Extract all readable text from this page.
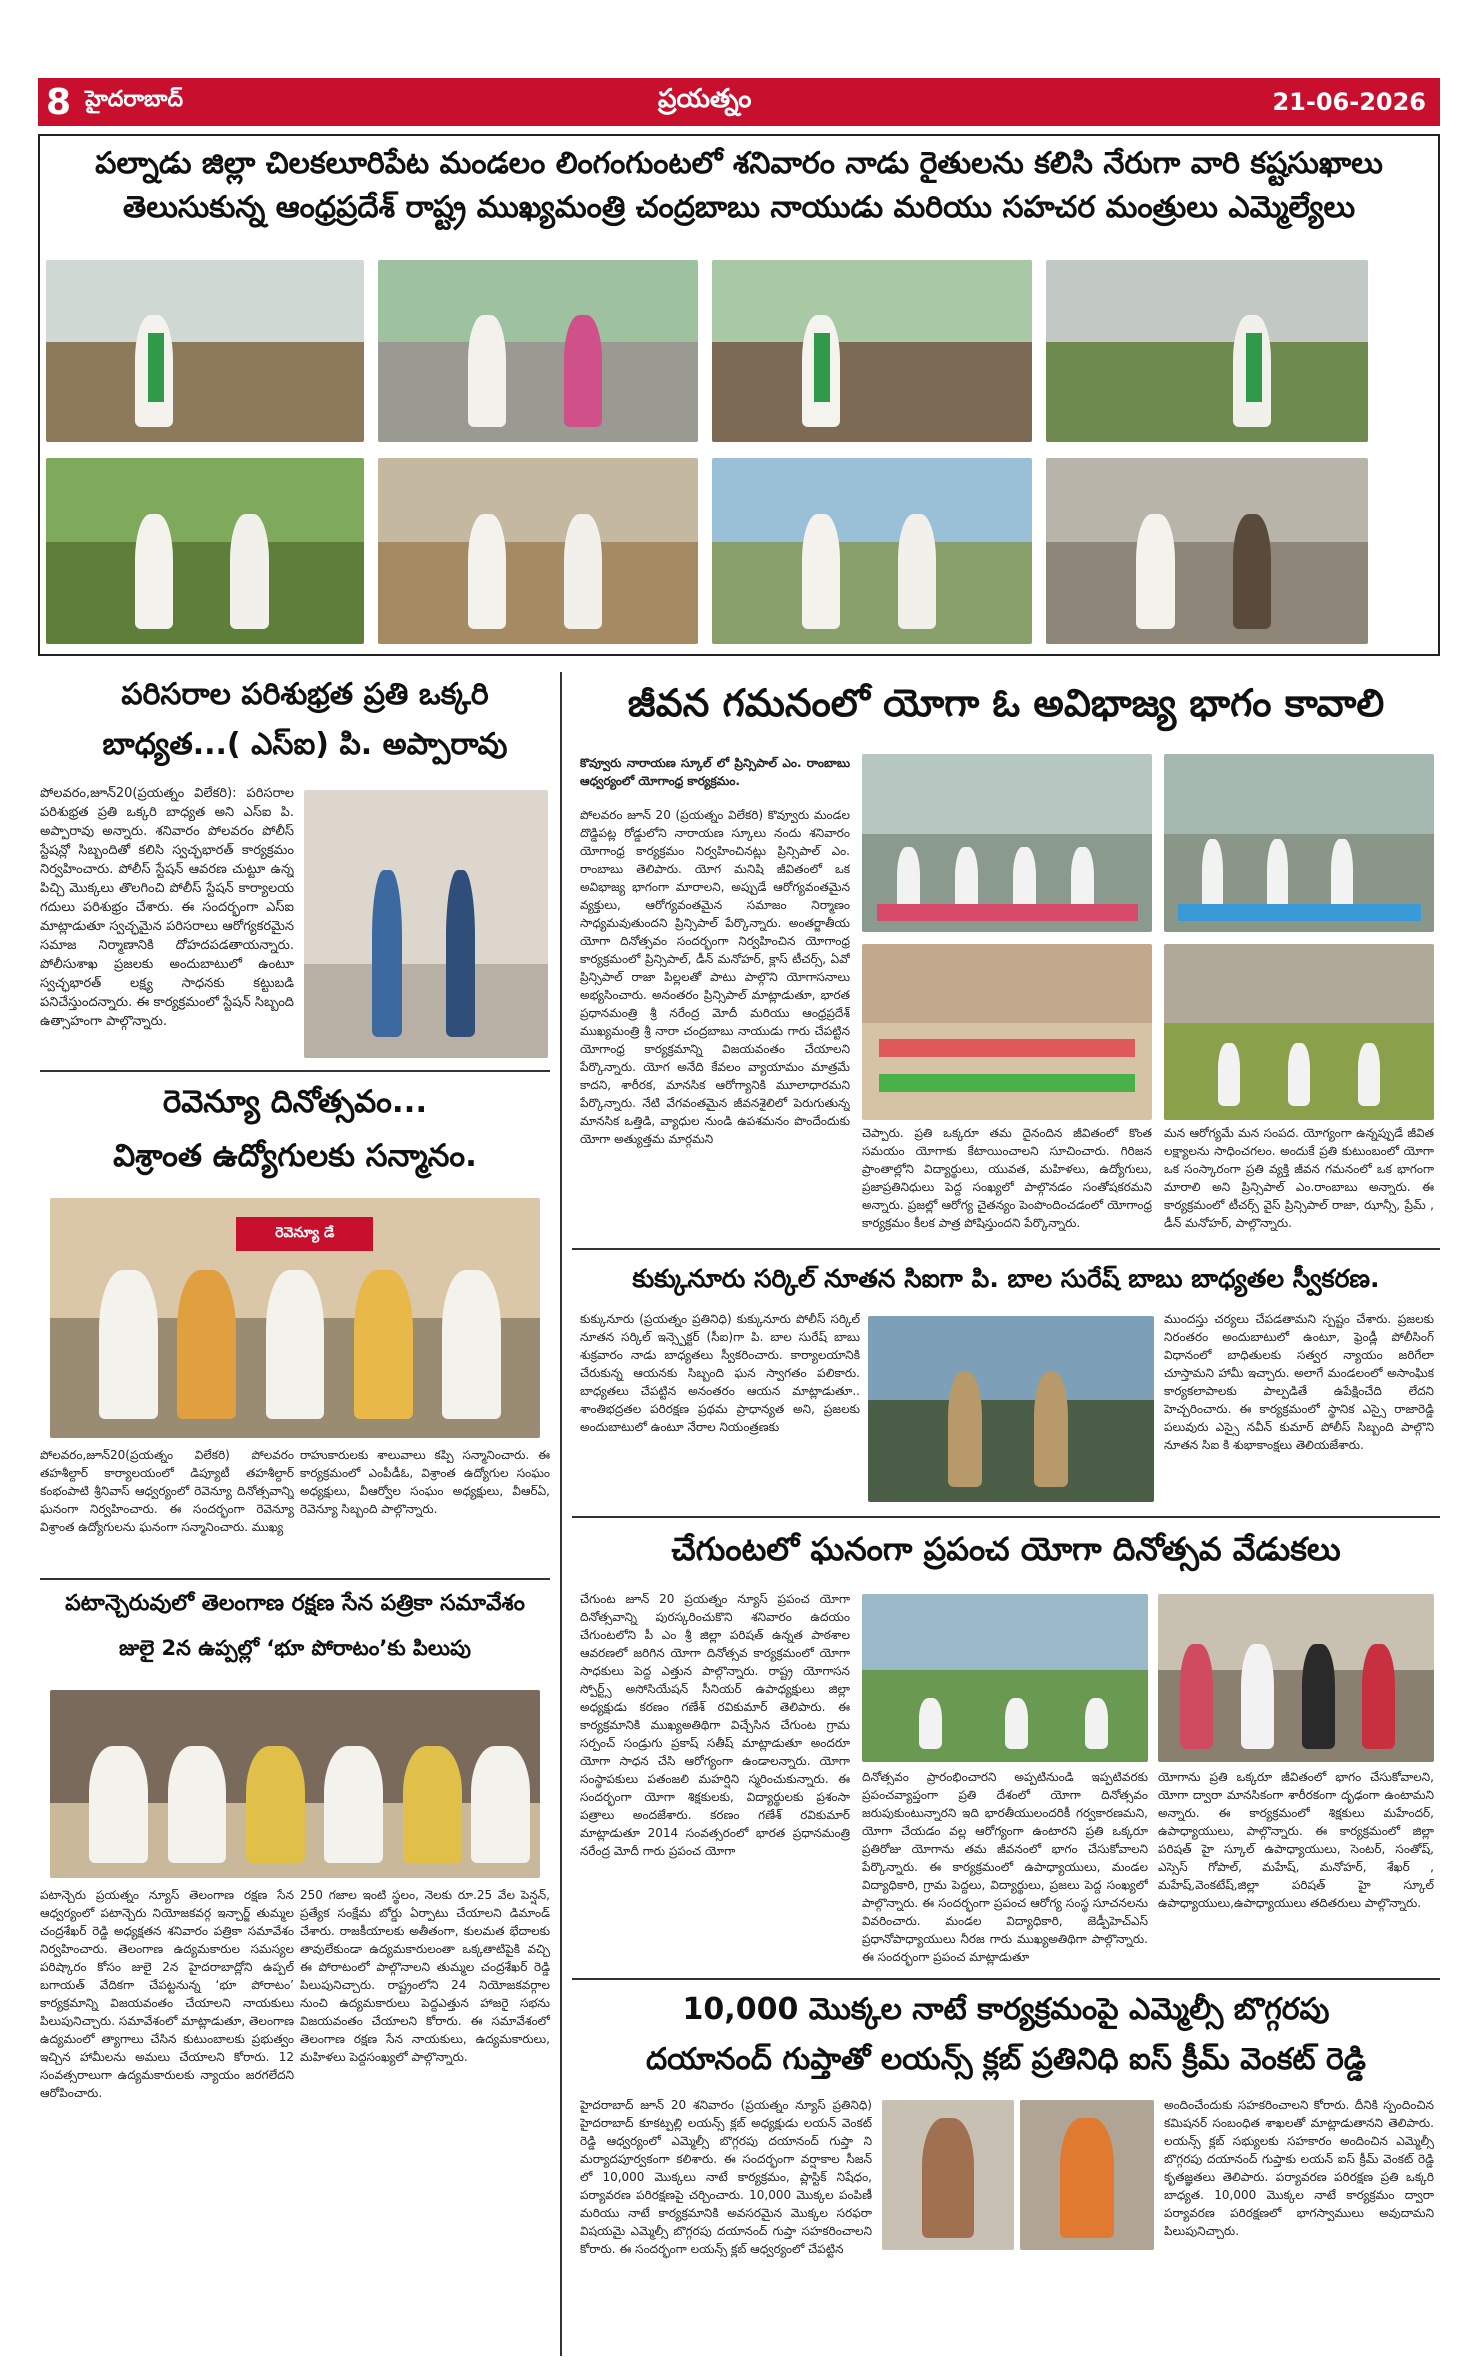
8 హైదరాబాద్	ప్రయత్నం	21-06-2026
పల్నాడు జిల్లా చిలకలూరిపేట మండలం లింగంగుంటలో శనివారం నాడు రైతులను కలిసి నేరుగా వారి కష్టసుఖాలు
తెలుసుకున్న ఆంధ్రప్రదేశ్ రాష్ట్ర ముఖ్యమంత్రి చంద్రబాబు నాయుడు మరియు సహచర మంత్రులు ఎమ్మెల్యేలు
పరిసరాల పరిశుభ్రత ప్రతి ఒక్కరి
బాధ్యత...( ఎస్ఐ) పి. అప్పారావు
పోలవరం,జూన్20(ప్రయత్నం విలేకరి): పరిసరాల పరిశుభ్రత ప్రతి ఒక్కరి బాధ్యత అని ఎస్ఐ పి. అప్పారావు అన్నారు. శనివారం పోలవరం పోలీస్ స్టేషన్లో సిబ్బందితో కలిసి స్వచ్ఛభారత్ కార్యక్రమం నిర్వహించారు. పోలీస్ స్టేషన్ ఆవరణ చుట్టూ ఉన్న పిచ్చి మొక్కలు తొలగించి పోలీస్ స్టేషన్ కార్యాలయ గదులు పరిశుభ్రం చేశారు. ఈ సందర్భంగా ఎస్ఐ మాట్లాడుతూ స్వచ్ఛమైన పరిసరాలు ఆరోగ్యకరమైన సమాజ నిర్మాణానికి దోహదపడతాయన్నారు. పోలీసుశాఖ ప్రజలకు అందుబాటులో ఉంటూ స్వచ్ఛభారత్ లక్ష్య సాధనకు కట్టుబడి పనిచేస్తుందన్నారు. ఈ కార్యక్రమంలో స్టేషన్ సిబ్బంది ఉత్సాహంగా పాల్గొన్నారు.
రెవెన్యూ దినోత్సవం...
విశ్రాంత ఉద్యోగులకు సన్మానం.
రెవెన్యూ డే
పోలవరం,జూన్20(ప్రయత్నం విలేకరి) పోలవరం తహశీల్దార్ కార్యాలయంలో డిప్యూటీ తహశీల్దార్ కంభంపాటి శ్రీనివాస్ ఆధ్వర్యంలో రెవెన్యూ దినోత్సవాన్ని ఘనంగా నిర్వహించారు. ఈ సందర్భంగా రెవెన్యూ విశ్రాంత ఉద్యోగులను ఘనంగా సన్మానించారు. ముఖ్య
రాహుకారులకు శాలువాలు కప్పి సన్మానించారు. ఈ కార్యక్రమంలో ఎంపీడీఓ, విశ్రాంత ఉద్యోగుల సంఘం అధ్యక్షులు, వీఆర్వోల సంఘం అధ్యక్షులు, వీఆర్ఏ, రెవెన్యూ సిబ్బంది పాల్గొన్నారు.
పటాన్చెరువులో తెలంగాణ రక్షణ సేన పత్రికా సమావేశం
జులై 2న ఉప్పల్లో ‘భూ పోరాటం’కు పిలుపు
పటాన్చెరు ప్రయత్నం న్యూస్ తెలంగాణ రక్షణ సేన ఆధ్వర్యంలో పటాన్చెరు నియోజకవర్గ ఇన్చార్జ్ తుమ్మల చంద్రశేఖర్ రెడ్డి అధ్యక్షతన శనివారం పత్రికా సమావేశం నిర్వహించారు. తెలంగాణ ఉద్యమకారుల సమస్యల పరిష్కారం కోసం జులై 2న హైదరాబాద్లోని ఉప్పల్ బగాయత్ వేదికగా చేపట్టనున్న ‘భూ పోరాటం’ కార్యక్రమాన్ని విజయవంతం చేయాలని నాయకులు పిలుపునిచ్చారు. సమావేశంలో మాట్లాడుతూ, తెలంగాణ ఉద్యమంలో త్యాగాలు చేసిన కుటుంబాలకు ప్రభుత్వం ఇచ్చిన హామీలను అమలు చేయాలని కోరారు. 12 సంవత్సరాలుగా ఉద్యమకారులకు న్యాయం జరగలేదని ఆరోపించారు.
250 గజాల ఇంటి స్థలం, నెలకు రూ.25 వేల పెన్షన్, ప్రత్యేక సంక్షేమ బోర్డు ఏర్పాటు చేయాలని డిమాండ్ చేశారు. రాజకీయాలకు అతీతంగా, కులమత భేదాలకు తావులేకుండా ఉద్యమకారులంతా ఒక్కతాటిపైకి వచ్చి ఈ పోరాటంలో పాల్గొనాలని తుమ్మల చంద్రశేఖర్ రెడ్డి పిలుపునిచ్చారు. రాష్ట్రంలోని 24 నియోజకవర్గాల నుంచి ఉద్యమకారులు పెద్దఎత్తున హాజరై సభను విజయవంతం చేయాలని కోరారు. ఈ సమావేశంలో తెలంగాణ రక్షణ సేన నాయకులు, ఉద్యమకారులు, మహిళలు పెద్దసంఖ్యలో పాల్గొన్నారు.
జీవన గమనంలో యోగా ఓ అవిభాజ్య భాగం కావాలి
కొవ్వూరు నారాయణ స్కూల్ లో ప్రిన్సిపాల్ ఎం. రాంబాబు ఆధ్వర్యంలో యోగాంధ్ర కార్యక్రమం.
పోలవరం జూన్ 20 (ప్రయత్నం విలేకరి) కొవ్వూరు మండల దొడ్డిపట్ల రోడ్డులోని నారాయణ స్కూలు నందు శనివారం యోగాంధ్ర కార్యక్రమం నిర్వహించినట్లు ప్రిన్సిపాల్ ఎం. రాంబాబు తెలిపారు. యోగ మనిషి జీవితంలో ఒక అవిభాజ్య భాగంగా మారాలని, అప్పుడే ఆరోగ్యవంతమైన వ్యక్తులు, ఆరోగ్యవంతమైన సమాజం నిర్మాణం సాధ్యమవుతుందని ప్రిన్సిపాల్ పేర్కొన్నారు. అంతర్జాతీయ యోగా దినోత్సవం సందర్భంగా నిర్వహించిన యోగాంధ్ర కార్యక్రమంలో ప్రిన్సిపాల్, డీన్ మనోహర్, క్లాస్ టీచర్స్, ఏవో ప్రిన్సిపాల్ రాజా పిల్లలతో పాటు పాల్గొని యోగాసనాలు అభ్యసించారు. అనంతరం ప్రిన్సిపాల్ మాట్లాడుతూ, భారత ప్రధానమంత్రి శ్రీ నరేంద్ర మోదీ మరియు ఆంధ్రప్రదేశ్ ముఖ్యమంత్రి శ్రీ నారా చంద్రబాబు నాయుడు గారు చేపట్టిన యోగాంధ్ర కార్యక్రమాన్ని విజయవంతం చేయాలని పేర్కొన్నారు. యోగ అనేది కేవలం వ్యాయామం మాత్రమే కాదని, శారీరక, మానసిక ఆరోగ్యానికి మూలాధారమని పేర్కొన్నారు. నేటి వేగవంతమైన జీవనశైలిలో పెరుగుతున్న మానసిక ఒత్తిడి, వ్యాధుల నుండి ఉపశమనం పొందేందుకు యోగా అత్యుత్తమ మార్గమని	చెప్పారు. ప్రతి ఒక్కరూ తమ దైనందిన జీవితంలో కొంత సమయం యోగాకు కేటాయించాలని సూచించారు. గిరిజన ప్రాంతాల్లోని విద్యార్థులు, యువత, మహిళలు, ఉద్యోగులు, ప్రజాప్రతినిధులు పెద్ద సంఖ్యలో పాల్గొనడం సంతోషకరమని అన్నారు. ప్రజల్లో ఆరోగ్య చైతన్యం పెంపొందించడంలో యోగాంధ్ర కార్యక్రమం కీలక పాత్ర పోషిస్తుందని పేర్కొన్నారు.
మన ఆరోగ్యమే మన సంపద. యోగ్యంగా ఉన్నప్పుడే జీవిత లక్ష్యాలను సాధించగలం. అందుకే ప్రతి కుటుంబంలో యోగా ఒక సంస్కారంగా ప్రతి వ్యక్తి జీవన గమనంలో ఒక భాగంగా మారాలి అని ప్రిన్సిపాల్ ఎం.రాంబాబు అన్నారు. ఈ కార్యక్రమంలో టీచర్స్ వైస్ ప్రిన్సిపాల్ రాజా, ఝాన్సీ, ప్రేమ్ , డీన్ మనోహర్, పాల్గొన్నారు.
కుక్కునూరు సర్కిల్ నూతన సిఐగా పి. బాల సురేష్ బాబు బాధ్యతల స్వీకరణ.
కుక్కునూరు (ప్రయత్నం ప్రతినిధి) కుక్కునూరు పోలీస్ సర్కిల్ నూతన సర్కిల్ ఇన్స్పెక్టర్ (సీఐ)గా పి. బాల సురేష్ బాబు శుక్రవారం నాడు బాధ్యతలు స్వీకరించారు. కార్యాలయానికి చేరుకున్న ఆయనకు సిబ్బంది ఘన స్వాగతం పలికారు. బాధ్యతలు చేపట్టిన అనంతరం ఆయన మాట్లాడుతూ.. శాంతిభద్రతల పరిరక్షణ ప్రథమ ప్రాధాన్యత అని, ప్రజలకు అందుబాటులో ఉంటూ నేరాల నియంత్రణకు
ముందస్తు చర్యలు చేపడతామని స్పష్టం చేశారు. ప్రజలకు నిరంతరం అందుబాటులో ఉంటూ, ఫ్రెండ్లీ పోలీసింగ్ విధానంలో బాధితులకు సత్వర న్యాయం జరిగేలా చూస్తామని హామీ ఇచ్చారు. అలాగే మండలంలో అసాంఘిక కార్యకలాపాలకు పాల్పడితే ఉపేక్షించేది లేదని హెచ్చరించారు. ఈ కార్యక్రమంలో స్థానిక ఎస్సై రాజారెడ్డి పలువురు ఎస్సై నవీన్ కుమార్ పోలీస్ సిబ్బంది పాల్గొని నూతన సిఐ కి శుభాకాంక్షలు తెలియజేశారు.
చేగుంటలో ఘనంగా ప్రపంచ యోగా దినోత్సవ వేడుకలు
చేగుంట జూన్ 20 ప్రయత్నం న్యూస్ ప్రపంచ యోగా దినోత్సవాన్ని పురస్కరించుకొని శనివారం ఉదయం చేగుంటలోని పీ ఎం శ్రీ జిల్లా పరిషత్ ఉన్నత పాఠశాల ఆవరణలో జరిగిన యోగా దినోత్సవ కార్యక్రమంలో యోగా సాధకులు పెద్ద ఎత్తున పాల్గొన్నారు. రాష్ట్ర యోగాసన స్పోర్ట్స్ అసోసియేషన్ సీనియర్ ఉపాధ్యక్షులు జిల్లా అధ్యక్షుడు కరణం గణేశ్ రవికుమార్ తెలిపారు. ఈ కార్యక్రమానికి ముఖ్యఅతిథిగా విచ్చేసిన చేగుంట గ్రామ సర్పంచ్ సండ్రుగు ప్రకాష్ సతీష్ మాట్లాడుతూ అందరూ యోగా సాధన చేసి ఆరోగ్యంగా ఉండాలన్నారు. యోగా సంస్థాపకులు పతంజలి మహర్షిని స్మరించుకున్నారు. ఈ సందర్భంగా యోగా శిక్షకులకు, విద్యార్థులకు ప్రశంసా పత్రాలు అందజేశారు. కరణం గణేశ్ రవికుమార్ మాట్లాడుతూ 2014 సంవత్సరంలో భారత ప్రధానమంత్రి నరేంద్ర మోదీ గారు ప్రపంచ యోగా
దినోత్సవం ప్రారంభించారని అప్పటినుండి ఇప్పటివరకు ప్రపంచవ్యాప్తంగా ప్రతి దేశంలో యోగా దినోత్సవం జరుపుకుంటున్నారని ఇది భారతీయులందరికీ గర్వకారణమని, యోగా చేయడం వల్ల ఆరోగ్యంగా ఉంటారని ప్రతి ఒక్కరూ ప్రతిరోజు యోగాను తమ జీవనంలో భాగం చేసుకోవాలని పేర్కొన్నారు. ఈ కార్యక్రమంలో ఉపాధ్యాయులు, మండల విద్యాధికారి, గ్రామ పెద్దలు, విద్యార్థులు, ప్రజలు పెద్ద సంఖ్యలో పాల్గొన్నారు. ఈ సందర్భంగా ప్రపంచ ఆరోగ్య సంస్థ సూచనలను వివరించారు. మండల విద్యాధికారి, జెడ్పీహెచ్ఎస్ ప్రధానోపాధ్యాయులు నీరజ గారు ముఖ్యఅతిథిగా పాల్గొన్నారు. ఈ సందర్భంగా ప్రపంచ మాట్లాడుతూ
యోగాను ప్రతి ఒక్కరూ జీవితంలో భాగం చేసుకోవాలని, యోగా ద్వారా మానసికంగా శారీరకంగా దృఢంగా ఉంటామని అన్నారు. ఈ కార్యక్రమంలో శిక్షకులు మహేందర్, ఉపాధ్యాయులు, పాల్గొన్నారు. ఈ కార్యక్రమంలో జిల్లా పరిషత్ హై స్కూల్ ఉపాధ్యాయులు, సెంటర్, సంతోష్, ఎస్సెస్ గోపాల్, మహేష్, మనోహర్, శేఖర్ , మహేష్,వెంకటేష్,జిల్లా పరిషత్ హై స్కూల్ ఉపాధ్యాయులు,ఉపాధ్యాయులు తదితరులు పాల్గొన్నారు.
10,000 మొక్కల నాటే కార్యక్రమంపై ఎమ్మెల్సీ బొగ్గరపు
దయానంద్ గుప్తాతో లయన్స్ క్లబ్ ప్రతినిధి ఐస్ క్రీమ్ వెంకట్ రెడ్డి
హైదరాబాద్ జూన్ 20 శనివారం (ప్రయత్నం న్యూస్ ప్రతినిధి) హైదరాబాద్ కూకట్పల్లి లయన్స్ క్లబ్ అధ్యక్షుడు లయన్ వెంకట్ రెడ్డి ఆధ్వర్యంలో ఎమ్మెల్సీ బొగ్గరపు దయానంద్ గుప్తా ని మర్యాదపూర్వకంగా కలిశారు. ఈ సందర్భంగా వర్షాకాల సీజన్ లో 10,000 మొక్కలు నాటే కార్యక్రమం, ప్లాస్టిక్ నిషేధం, పర్యావరణ పరిరక్షణపై చర్చించారు. 10,000 మొక్కల పంపిణీ మరియు నాటే కార్యక్రమానికి అవసరమైన మొక్కల సరఫరా విషయమై ఎమ్మెల్సీ బొగ్గరపు దయానంద్ గుప్తా సహకరించాలని కోరారు. ఈ సందర్భంగా లయన్స్ క్లబ్ ఆధ్వర్యంలో చేపట్టిన
అందించేందుకు సహకరించాలని కోరారు. దీనికి స్పందించిన కమిషనర్ సంబంధిత శాఖలతో మాట్లాడుతానని తెలిపారు. లయన్స్ క్లబ్ సభ్యులకు సహకారం అందించిన ఎమ్మెల్సీ బొగ్గరపు దయానంద్ గుప్తాకు లయన్ ఐస్ క్రీమ్ వెంకట్ రెడ్డి కృతజ్ఞతలు తెలిపారు. పర్యావరణ పరిరక్షణ ప్రతి ఒక్కరి బాధ్యత. 10,000 మొక్కల నాటే కార్యక్రమం ద్వారా పర్యావరణ పరిరక్షణలో భాగస్వాములు అవుదామని పిలుపునిచ్చారు.
